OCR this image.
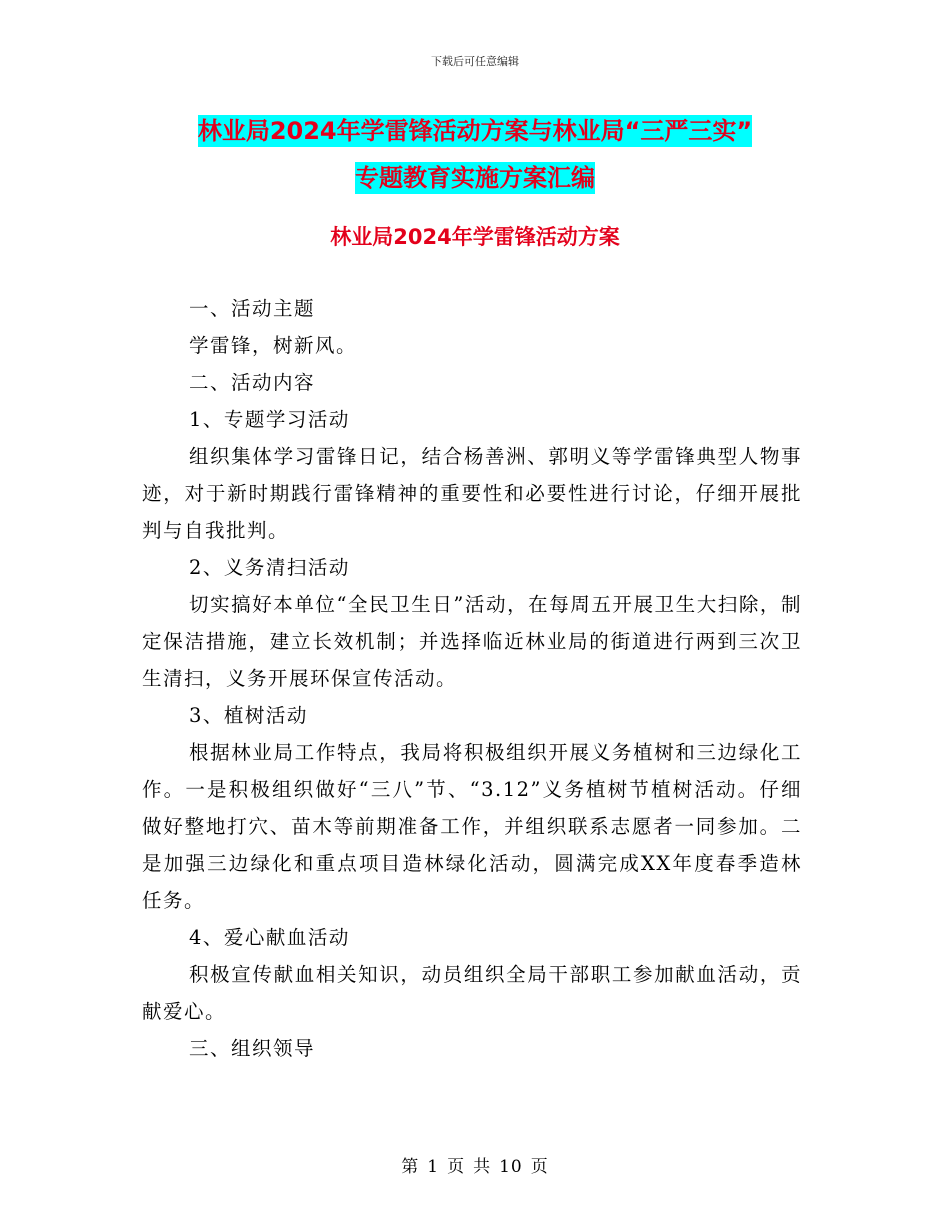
下载后可任意编辑
林业局2024年学雷锋活动方案与林业局“三严三实”
专题教育实施方案汇编
林业局2024年学雷锋活动方案

一、活动主题

学雷锋，树新风。

二、活动内容

1、专题学习活动

组织集体学习雷锋日记，结合杨善洲、郭明义等学雷锋典型人物事迹，对于新时期践行雷锋精神的重要性和必要性进行讨论，仔细开展批判与自我批判。

2、义务清扫活动

切实搞好本单位“全民卫生日”活动，在每周五开展卫生大扫除，制定保洁措施，建立长效机制；并选择临近林业局的街道进行两到三次卫生清扫，义务开展环保宣传活动。

3、植树活动

根据林业局工作特点，我局将积极组织开展义务植树和三边绿化工作。一是积极组织做好“三八”节、“3.12”义务植树节植树活动。仔细做好整地打穴、苗木等前期准备工作，并组织联系志愿者一同参加。二是加强三边绿化和重点项目造林绿化活动，圆满完成XX年度春季造林任务。

4、爱心献血活动

积极宣传献血相关知识，动员组织全局干部职工参加献血活动，贡献爱心。

三、组织领导

第 1 页 共 10 页
